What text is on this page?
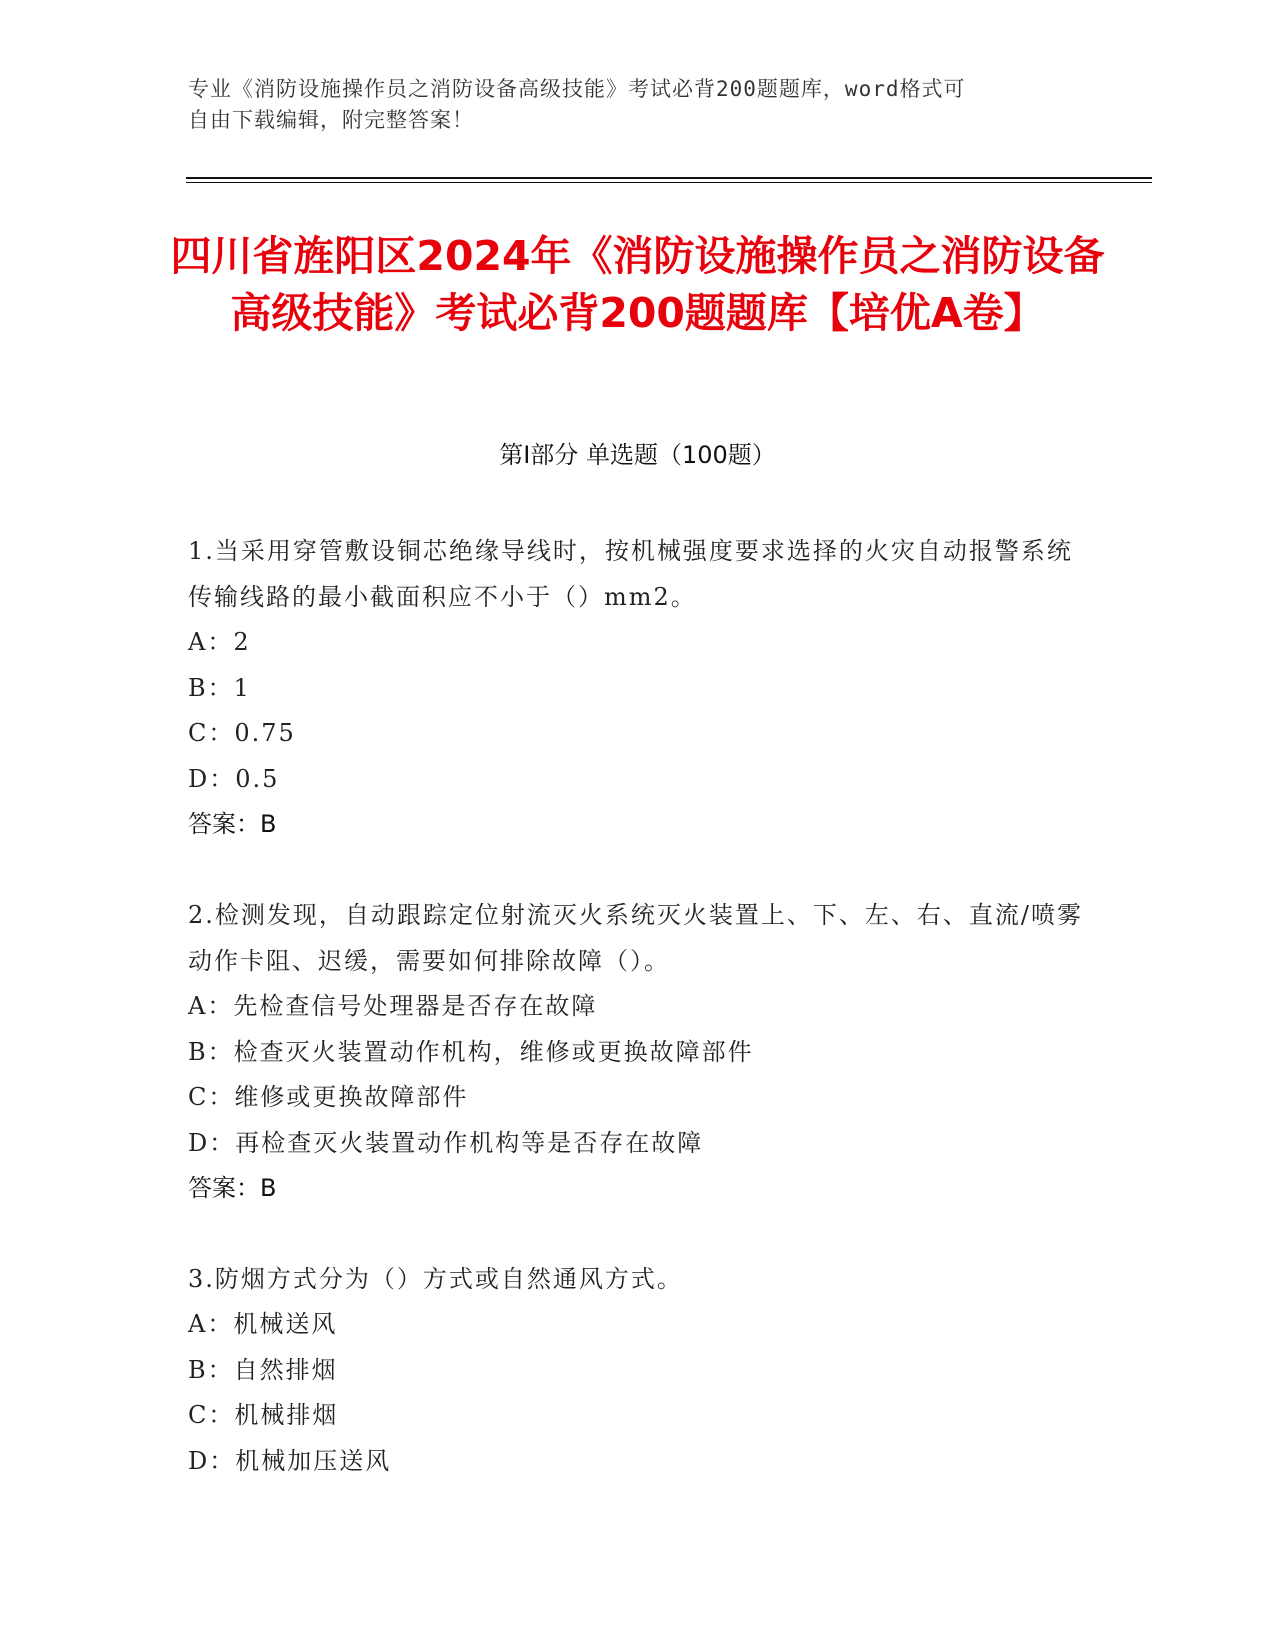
专业《消防设施操作员之消防设备高级技能》考试必背200题题库，word格式可
自由下载编辑，附完整答案！
四川省旌阳区2024年《消防设施操作员之消防设备高级技能》考试必背200题题库【培优A卷】
第I部分 单选题（100题）

1.当采用穿管敷设铜芯绝缘导线时，按机械强度要求选择的火灾自动报警系统传输线路的最小截面积应不小于（）mm2。

A：2
B：1
C：0.75
D：0.5

答案：B

2.检测发现，自动跟踪定位射流灭火系统灭火装置上、下、左、右、直流/喷雾动作卡阻、迟缓，需要如何排除故障（）。

A：先检查信号处理器是否存在故障
B：检查灭火装置动作机构，维修或更换故障部件
C：维修或更换故障部件
D：再检查灭火装置动作机构等是否存在故障

答案：B

3.防烟方式分为（）方式或自然通风方式。

A：机械送风
B：自然排烟
C：机械排烟
D：机械加压送风
